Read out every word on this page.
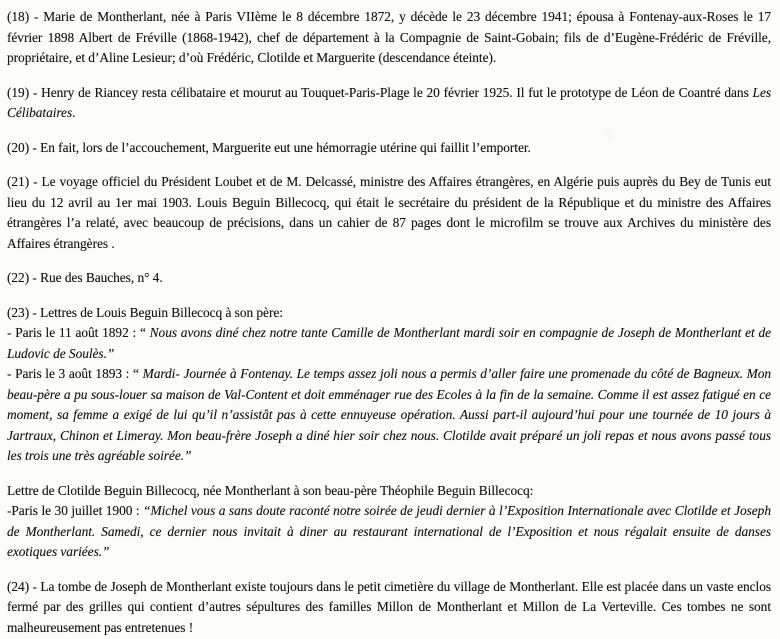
(18) - Marie de Montherlant, née à Paris VIIème le 8 décembre 1872, y décède le 23 décembre 1941; épousa à Fontenay-aux-Roses le 17 février 1898 Albert de Fréville (1868-1942), chef de département à la Compagnie de Saint-Gobain; fils de d’Eugène-Frédéric de Fréville, propriétaire, et d’Aline Lesieur; d’où Frédéric, Clotilde et Marguerite (descendance éteinte).

(19) - Henry de Riancey resta célibataire et mourut au Touquet-Paris-Plage le 20 février 1925. Il fut le prototype de Léon de Coantré dans Les Célibataires.

(20) - En fait, lors de l’accouchement, Marguerite eut une hémorragie utérine qui faillit l’emporter.

(21) - Le voyage officiel du Président Loubet et de M. Delcassé, ministre des Affaires étrangères, en Algérie puis auprès du Bey de Tunis eut lieu du 12 avril au 1er mai 1903. Louis Beguin Billecocq, qui était le secrétaire du président de la République et du ministre des Affaires étrangères l’a relaté, avec beaucoup de précisions, dans un cahier de 87 pages dont le microfilm se trouve aux Archives du ministère des Affaires étrangères .

(22) - Rue des Bauches, n° 4.

(23) - Lettres de Louis Beguin Billecocq à son père:

- Paris le 11 août 1892 : “ Nous avons diné chez notre tante Camille de Montherlant mardi soir en compagnie de Joseph de Montherlant et de Ludovic de Soulès.”

- Paris le 3 août 1893 : “ Mardi- Journée à Fontenay. Le temps assez joli nous a permis d’aller faire une promenade du côté de Bagneux. Mon beau-père a pu sous-louer sa maison de Val-Content et doit emménager rue des Ecoles à la fin de la semaine. Comme il est assez fatigué en ce moment, sa femme a exigé de lui qu’il n’assistât pas à cette ennuyeuse opération. Aussi part-il aujourd’hui pour une tournée de 10 jours à Jartraux, Chinon et Limeray. Mon beau-frère Joseph a diné hier soir chez nous. Clotilde avait préparé un joli repas et nous avons passé tous les trois une très agréable soirée.”

Lettre de Clotilde Beguin Billecocq, née Montherlant à son beau-père Théophile Beguin Billecocq:

-Paris le 30 juillet 1900 : “Michel vous a sans doute raconté notre soirée de jeudi dernier à l’Exposition Internationale avec Clotilde et Joseph de Montherlant. Samedi, ce dernier nous invitait à diner au restaurant international de l’Exposition et nous régalait ensuite de danses exotiques variées.”

(24) - La tombe de Joseph de Montherlant existe toujours dans le petit cimetière du village de Montherlant. Elle est placée dans un vaste enclos fermé par des grilles qui contient d’autres sépultures des familles Millon de Montherlant et Millon de La Verteville. Ces tombes ne sont malheureusement pas entretenues !
